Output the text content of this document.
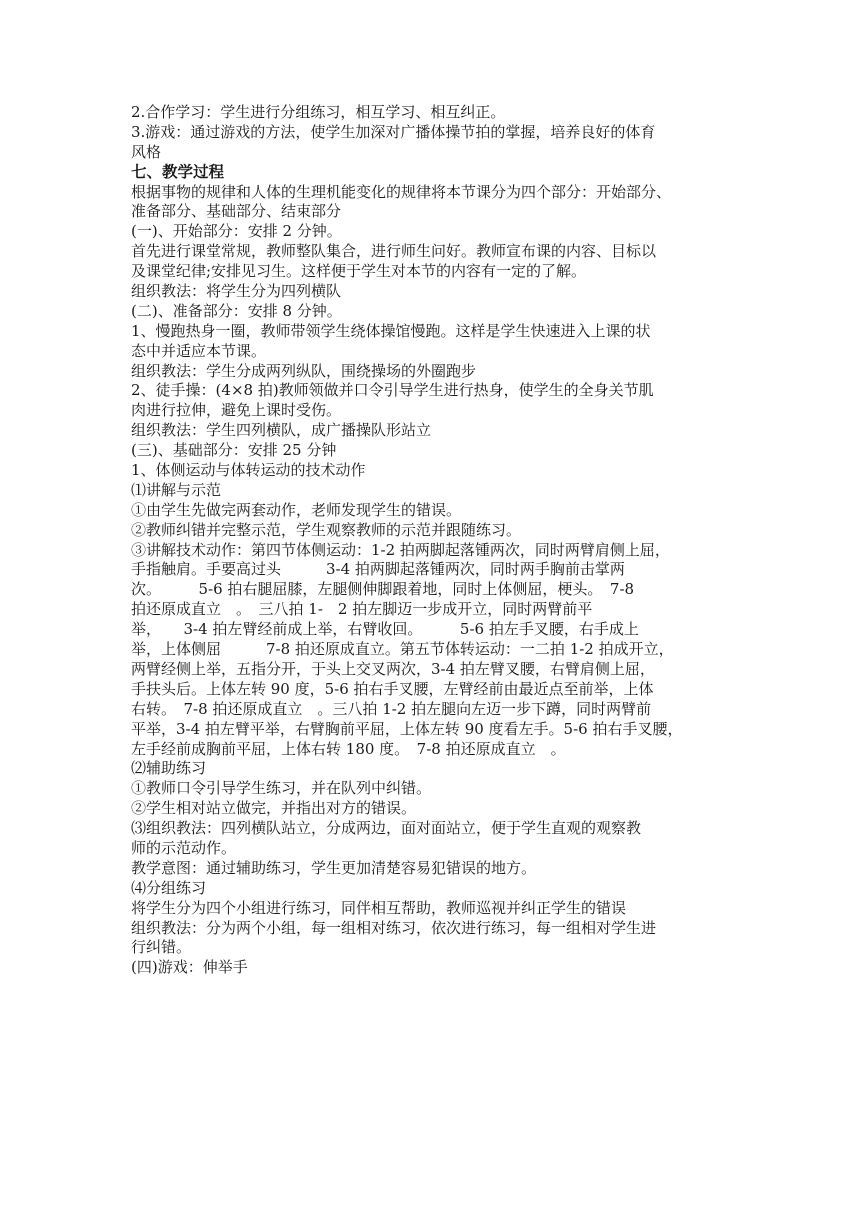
2.合作学习：学生进行分组练习，相互学习、相互纠正。
3.游戏：通过游戏的方法，使学生加深对广播体操节拍的掌握，培养良好的体育
风格
七、教学过程
根据事物的规律和人体的生理机能变化的规律将本节课分为四个部分：开始部分、
准备部分、基础部分、结束部分
(一)、开始部分：安排 2 分钟。
首先进行课堂常规，教师整队集合，进行师生问好。教师宣布课的内容、目标以
及课堂纪律;安排见习生。这样便于学生对本节的内容有一定的了解。
组织教法：将学生分为四列横队
(二)、准备部分：安排 8 分钟。
1、慢跑热身一圈，教师带领学生绕体操馆慢跑。这样是学生快速进入上课的状
态中并适应本节课。
组织教法：学生分成两列纵队，围绕操场的外圈跑步
2、徒手操：(4×8 拍)教师领做并口令引导学生进行热身，使学生的全身关节肌
肉进行拉伸，避免上课时受伤。
组织教法：学生四列横队，成广播操队形站立
(三)、基础部分：安排 25 分钟
1、体侧运动与体转运动的技术动作
⑴讲解与示范
①由学生先做完两套动作，老师发现学生的错误。
②教师纠错并完整示范，学生观察教师的示范并跟随练习。
③讲解技术动作：第四节体侧运动：1-2 拍两脚起落锺两次，同时两臂肩侧上屈，
手指触肩。手要高过头　　　3-4 拍两脚起落锺两次，同时两手胸前击掌两
次。　　　5-6 拍右腿屈膝，左腿侧伸脚跟着地，同时上体侧屈，梗头。　7-8
拍还原成直立　。　三八拍 1-　2 拍左脚迈一步成开立，同时两臂前平
举，　　3-4 拍左臂经前成上举，右臂收回。　　　5-6 拍左手叉腰，右手成上
举，上体侧屈　　　7-8 拍还原成直立。第五节体转运动：一二拍 1-2 拍成开立，
两臂经侧上举，五指分开，于头上交叉两次，3-4 拍左臂叉腰，右臂肩侧上屈，
手扶头后。上体左转 90 度，5-6 拍右手叉腰，左臂经前由最近点至前举，上体
右转。　7-8 拍还原成直立　。三八拍 1-2 拍左腿向左迈一步下蹲，同时两臂前
平举，3-4 拍左臂平举，右臂胸前平屈，上体左转 90 度看左手。5-6 拍右手叉腰，
左手经前成胸前平屈，上体右转 180 度。　7-8 拍还原成直立　。
⑵辅助练习
①教师口令引导学生练习，并在队列中纠错。
②学生相对站立做完，并指出对方的错误。
⑶组织教法：四列横队站立，分成两边，面对面站立，便于学生直观的观察教
师的示范动作。
教学意图：通过辅助练习，学生更加清楚容易犯错误的地方。
⑷分组练习
将学生分为四个小组进行练习，同伴相互帮助，教师巡视并纠正学生的错误
组织教法：分为两个小组，每一组相对练习，依次进行练习，每一组相对学生进
行纠错。
(四)游戏：伸举手
